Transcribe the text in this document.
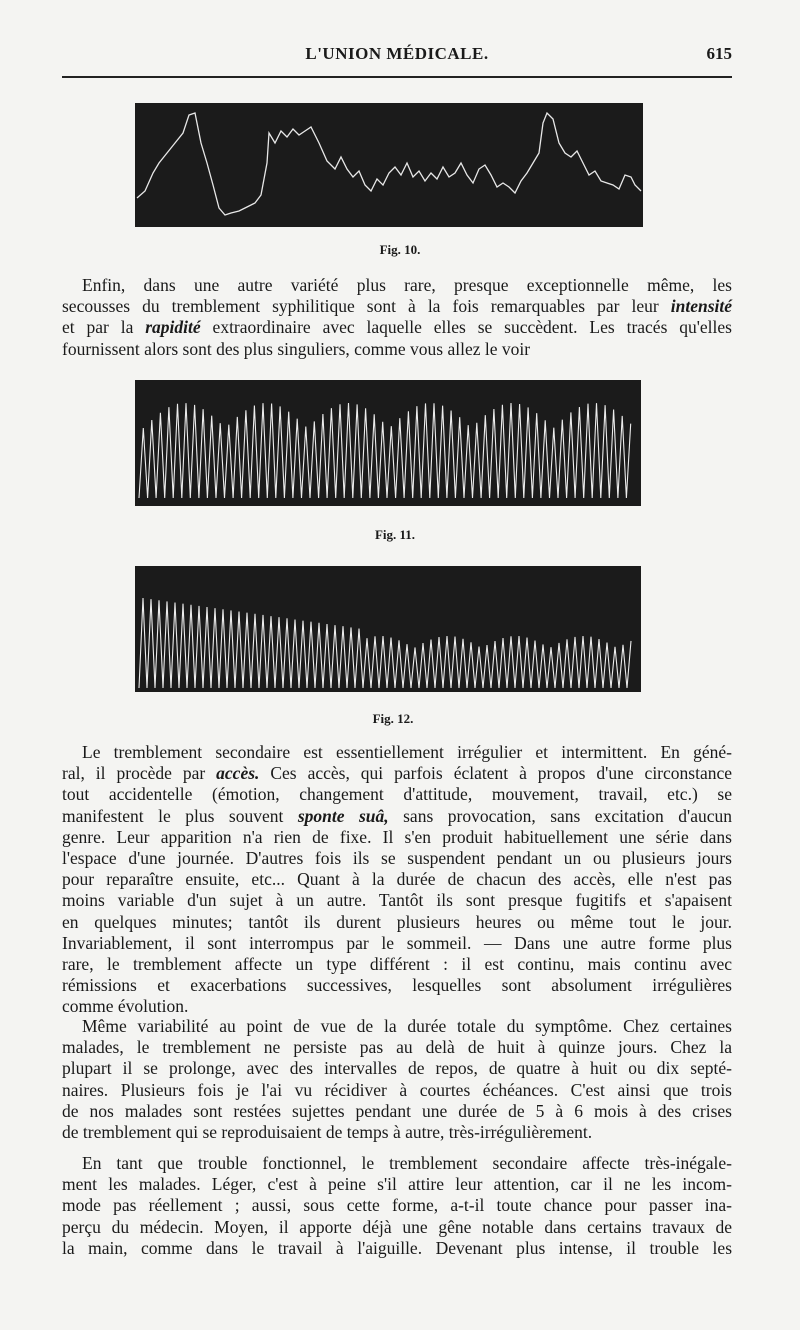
L'UNION MÉDICALE.	615
Fig. 10.
Enfin, dans une autre variété plus rare, presque exceptionnelle même, les
secousses du tremblement syphilitique sont à la fois remarquables par leur intensité
et par la rapidité extraordinaire avec laquelle elles se succèdent. Les tracés qu'elles
fournissent alors sont des plus singuliers, comme vous allez le voir
Fig. 11.
Fig. 12.
Le tremblement secondaire est essentiellement irrégulier et intermittent. En géné-
ral, il procède par accès. Ces accès, qui parfois éclatent à propos d'une circonstance
tout accidentelle (émotion, changement d'attitude, mouvement, travail, etc.) se
manifestent le plus souvent sponte suâ, sans provocation, sans excitation d'aucun
genre. Leur apparition n'a rien de fixe. Il s'en produit habituellement une série dans
l'espace d'une journée. D'autres fois ils se suspendent pendant un ou plusieurs jours
pour reparaître ensuite, etc... Quant à la durée de chacun des accès, elle n'est pas
moins variable d'un sujet à un autre. Tantôt ils sont presque fugitifs et s'apaisent
en quelques minutes; tantôt ils durent plusieurs heures ou même tout le jour.
Invariablement, il sont interrompus par le sommeil. — Dans une autre forme plus
rare, le tremblement affecte un type différent : il est continu, mais continu avec
rémissions et exacerbations successives, lesquelles sont absolument irrégulières
comme évolution.
Même variabilité au point de vue de la durée totale du symptôme. Chez certaines
malades, le tremblement ne persiste pas au delà de huit à quinze jours. Chez la
plupart il se prolonge, avec des intervalles de repos, de quatre à huit ou dix septé-
naires. Plusieurs fois je l'ai vu récidiver à courtes échéances. C'est ainsi que trois
de nos malades sont restées sujettes pendant une durée de 5 à 6 mois à des crises
de tremblement qui se reproduisaient de temps à autre, très-irrégulièrement.
En tant que trouble fonctionnel, le tremblement secondaire affecte très-inégale-
ment les malades. Léger, c'est à peine s'il attire leur attention, car il ne les incom-
mode pas réellement ; aussi, sous cette forme, a-t-il toute chance pour passer ina-
perçu du médecin. Moyen, il apporte déjà une gêne notable dans certains travaux de
la main, comme dans le travail à l'aiguille. Devenant plus intense, il trouble les
